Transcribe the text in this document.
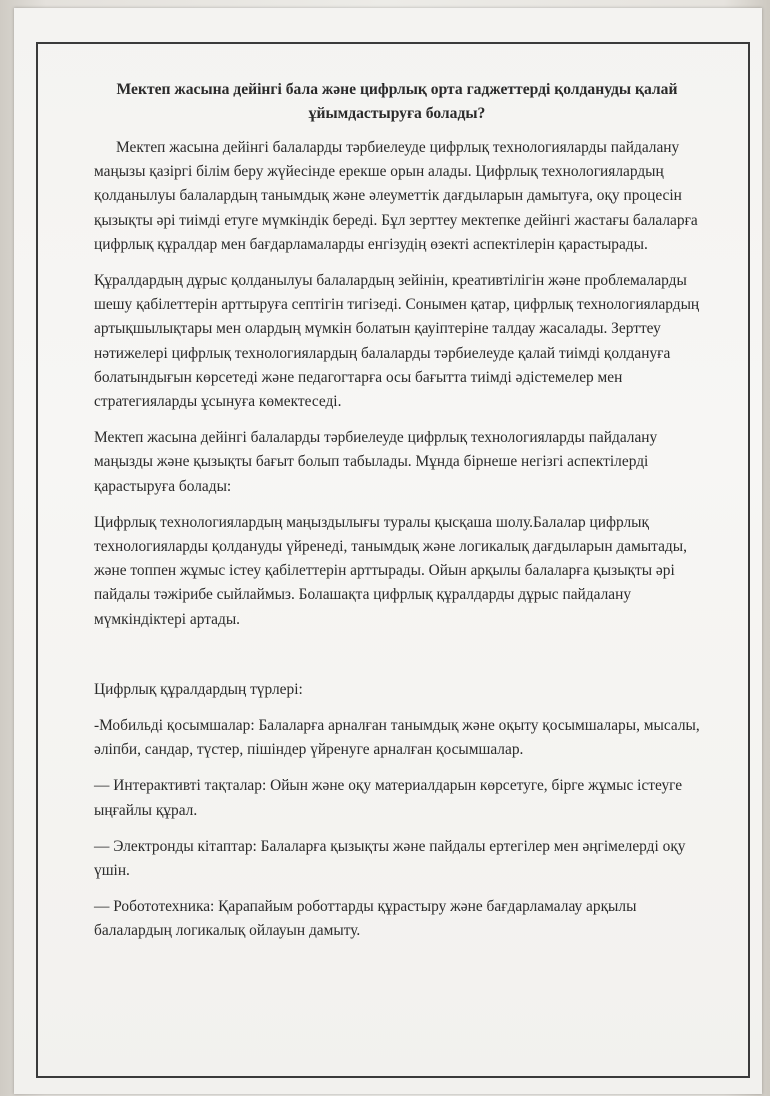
Мектеп жасына дейінгі бала және цифрлық орта гаджеттерді қолдануды қалай ұйымдастыруға болады?

Мектеп жасына дейінгі балаларды тәрбиелеуде цифрлық технологияларды пайдалану маңызы қазіргі білім беру жүйесінде ерекше орын алады. Цифрлық технологиялардың қолданылуы балалардың танымдық және әлеуметтік дағдыларын дамытуға, оқу процесін қызықты әрі тиімді етуге мүмкіндік береді. Бұл зерттеу мектепке дейінгі жастағы балаларға цифрлық құралдар мен бағдарламаларды енгізудің өзекті аспектілерін қарастырады.

Құралдардың дұрыс қолданылуы балалардың зейінін, креативтілігін және проблемаларды шешу қабілеттерін арттыруға септігін тигізеді. Сонымен қатар, цифрлық технологиялардың артықшылықтары мен олардың мүмкін болатын қауіптеріне талдау жасалады. Зерттеу нәтижелері цифрлық технологиялардың балаларды тәрбиелеуде қалай тиімді қолдануға болатындығын көрсетеді және педагогтарға осы бағытта тиімді әдістемелер мен стратегияларды ұсынуға көмектеседі.

Мектеп жасына дейінгі балаларды тәрбиелеуде цифрлық технологияларды пайдалану маңызды және қызықты бағыт болып табылады. Мұнда бірнеше негізгі аспектілерді қарастыруға болады:

Цифрлық технологиялардың маңыздылығы туралы қысқаша шолу.Балалар цифрлық технологияларды қолдануды үйренеді, танымдық және логикалық дағдыларын дамытады, және топпен жұмыс істеу қабілеттерін арттырады. Ойын арқылы балаларға қызықты әрі пайдалы тәжірибе сыйлаймыз. Болашақта цифрлық құралдарды дұрыс пайдалану мүмкіндіктері артады.

Цифрлық құралдардың түрлері:

-Мобильді қосымшалар: Балаларға арналған танымдық және оқыту қосымшалары, мысалы, әліпби, сандар, түстер, пішіндер үйренуге арналған қосымшалар.

— Интерактивті тақталар: Ойын және оқу материалдарын көрсетуге, бірге жұмыс істеуге ыңғайлы құрал.

— Электронды кітаптар: Балаларға қызықты және пайдалы ертегілер мен әңгімелерді оқу үшін.

— Робототехника: Қарапайым роботтарды құрастыру және бағдарламалау арқылы балалардың логикалық ойлауын дамыту.
